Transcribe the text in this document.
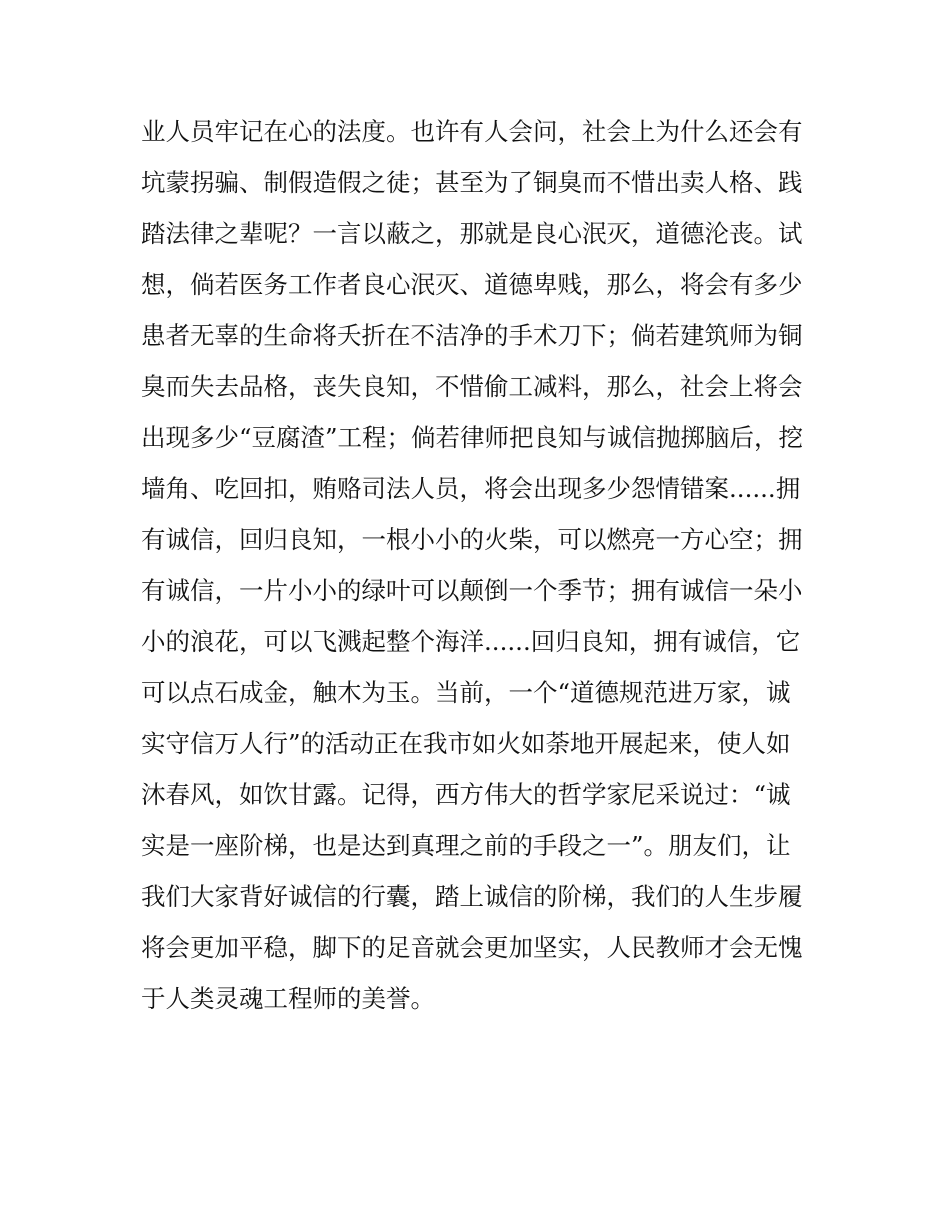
业人员牢记在心的法度。也许有人会问，社会上为什么还会有
坑蒙拐骗、制假造假之徒；甚至为了铜臭而不惜出卖人格、践
踏法律之辈呢？一言以蔽之，那就是良心泯灭，道德沦丧。试
想，倘若医务工作者良心泯灭、道德卑贱，那么，将会有多少
患者无辜的生命将夭折在不洁净的手术刀下；倘若建筑师为铜
臭而失去品格，丧失良知，不惜偷工减料，那么，社会上将会
出现多少“豆腐渣”工程；倘若律师把良知与诚信抛掷脑后，挖
墙角、吃回扣，贿赂司法人员，将会出现多少怨情错案......拥
有诚信，回归良知，一根小小的火柴，可以燃亮一方心空；拥
有诚信，一片小小的绿叶可以颠倒一个季节；拥有诚信一朵小
小的浪花，可以飞溅起整个海洋......回归良知，拥有诚信，它
可以点石成金，触木为玉。当前，一个“道德规范进万家，诚
实守信万人行”的活动正在我市如火如荼地开展起来，使人如
沐春风，如饮甘露。记得，西方伟大的哲学家尼采说过：“诚
实是一座阶梯，也是达到真理之前的手段之一”。朋友们，让
我们大家背好诚信的行囊，踏上诚信的阶梯，我们的人生步履
将会更加平稳，脚下的足音就会更加坚实，人民教师才会无愧
于人类灵魂工程师的美誉。
